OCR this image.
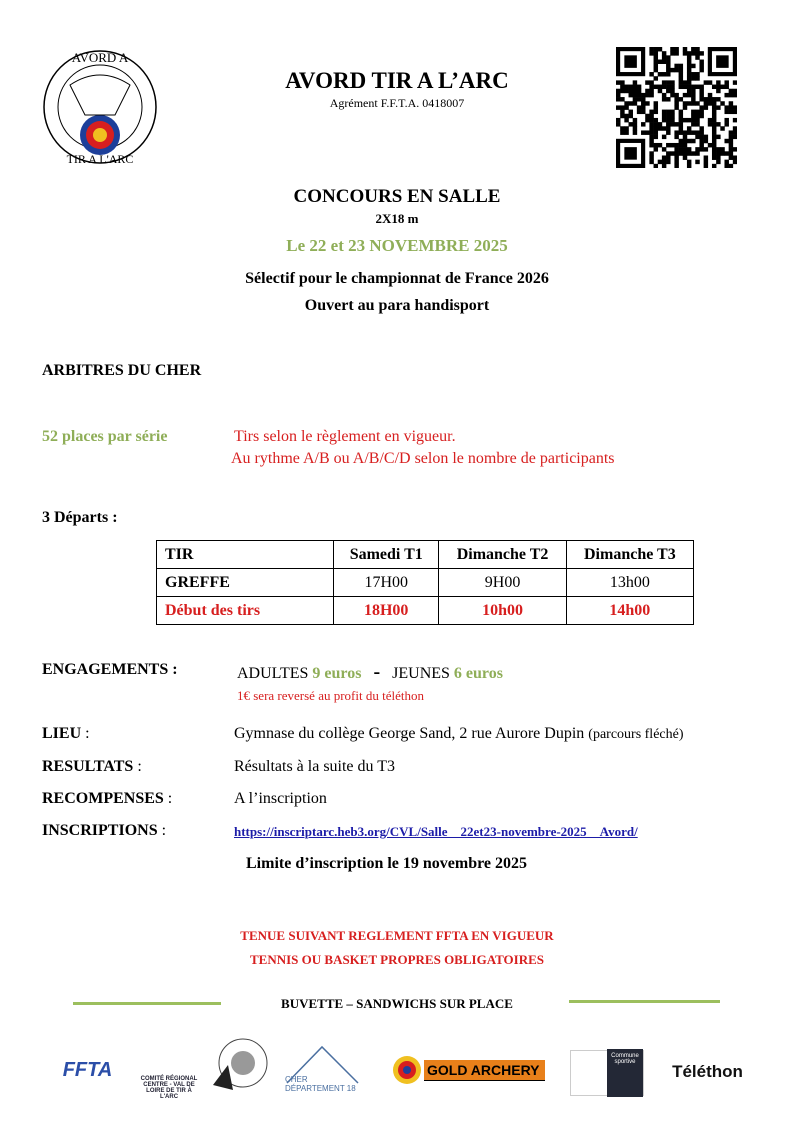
AVORD A
TIR A L'ARC
AVORD TIR A L’ARC
Agrément F.F.T.A. 0418007
CONCOURS EN SALLE
2X18 m
Le 22 et 23 NOVEMBRE 2025
Sélectif pour le championnat de France 2026
Ouvert au para handisport
ARBITRES DU CHER
52 places par série	Tirs selon le règlement en vigueur.
Au rythme A/B ou A/B/C/D selon le nombre de participants
3 Départs :
TIR	Samedi T1	Dimanche T2	Dimanche T3
GREFFE	17H00	9H00	13h00
Début des tirs	18H00	10h00	14h00
ENGAGEMENTS :	ADULTES 9 euros - JEUNES 6 euros
1€ sera reversé au profit du téléthon
LIEU :	Gymnase du collège George Sand, 2 rue Aurore Dupin (parcours fléché)
RESULTATS :	Résultats à la suite du T3
RECOMPENSES :	A l’inscription
INSCRIPTIONS :	https://inscriptarc.heb3.org/CVL/Salle__22et23-novembre-2025__Avord/
Limite d’inscription le 19 novembre 2025
TENUE SUIVANT REGLEMENT FFTA EN VIGUEUR
TENNIS OU BASKET PROPRES OBLIGATOIRES
BUVETTE – SANDWICHS SUR PLACE
FFTA	COMITÉ RÉGIONAL CENTRE - VAL DE LOIRE DE TIR À L'ARC
CHER DÉPARTEMENT 18
GOLD ARCHERY
Commune sportive	Téléthon
